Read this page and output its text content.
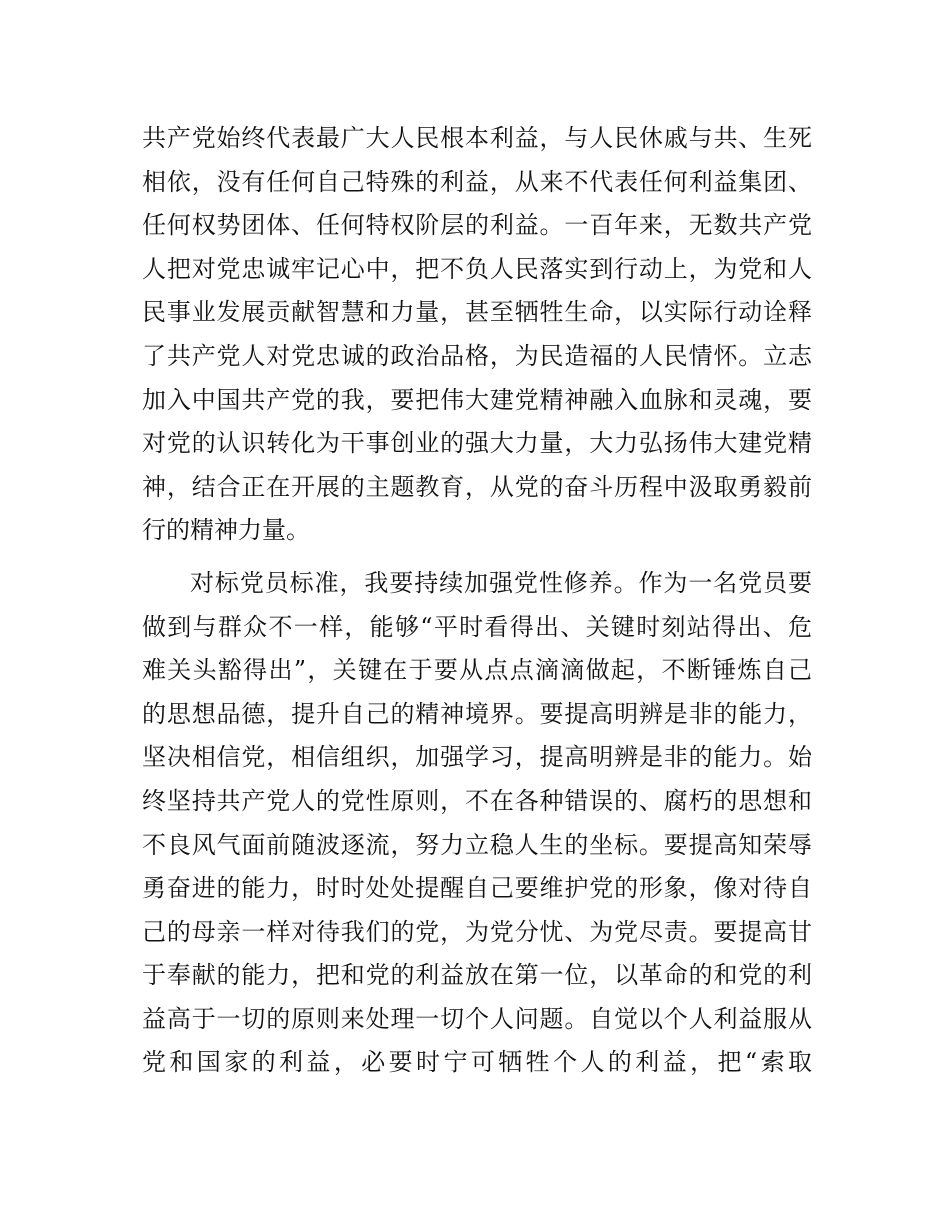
共产党始终代表最广大人民根本利益，与人民休戚与共、生死
相依，没有任何自己特殊的利益，从来不代表任何利益集团、
任何权势团体、任何特权阶层的利益。一百年来，无数共产党
人把对党忠诚牢记心中，把不负人民落实到行动上，为党和人
民事业发展贡献智慧和力量，甚至牺牲生命，以实际行动诠释
了共产党人对党忠诚的政治品格，为民造福的人民情怀。立志
加入中国共产党的我，要把伟大建党精神融入血脉和灵魂，要
对党的认识转化为干事创业的强大力量，大力弘扬伟大建党精
神，结合正在开展的主题教育，从党的奋斗历程中汲取勇毅前
行的精神力量。
对标党员标准，我要持续加强党性修养。作为一名党员要
做到与群众不一样，能够“平时看得出、关键时刻站得出、危
难关头豁得出”，关键在于要从点点滴滴做起，不断锤炼自己
的思想品德，提升自己的精神境界。要提高明辨是非的能力，
坚决相信党，相信组织，加强学习，提高明辨是非的能力。始
终坚持共产党人的党性原则，不在各种错误的、腐朽的思想和
不良风气面前随波逐流，努力立稳人生的坐标。要提高知荣辱
勇奋进的能力，时时处处提醒自己要维护党的形象，像对待自
己的母亲一样对待我们的党，为党分忧、为党尽责。要提高甘
于奉献的能力，把和党的利益放在第一位，以革命的和党的利
益高于一切的原则来处理一切个人问题。自觉以个人利益服从
党和国家的利益，必要时宁可牺牲个人的利益，把“索取
